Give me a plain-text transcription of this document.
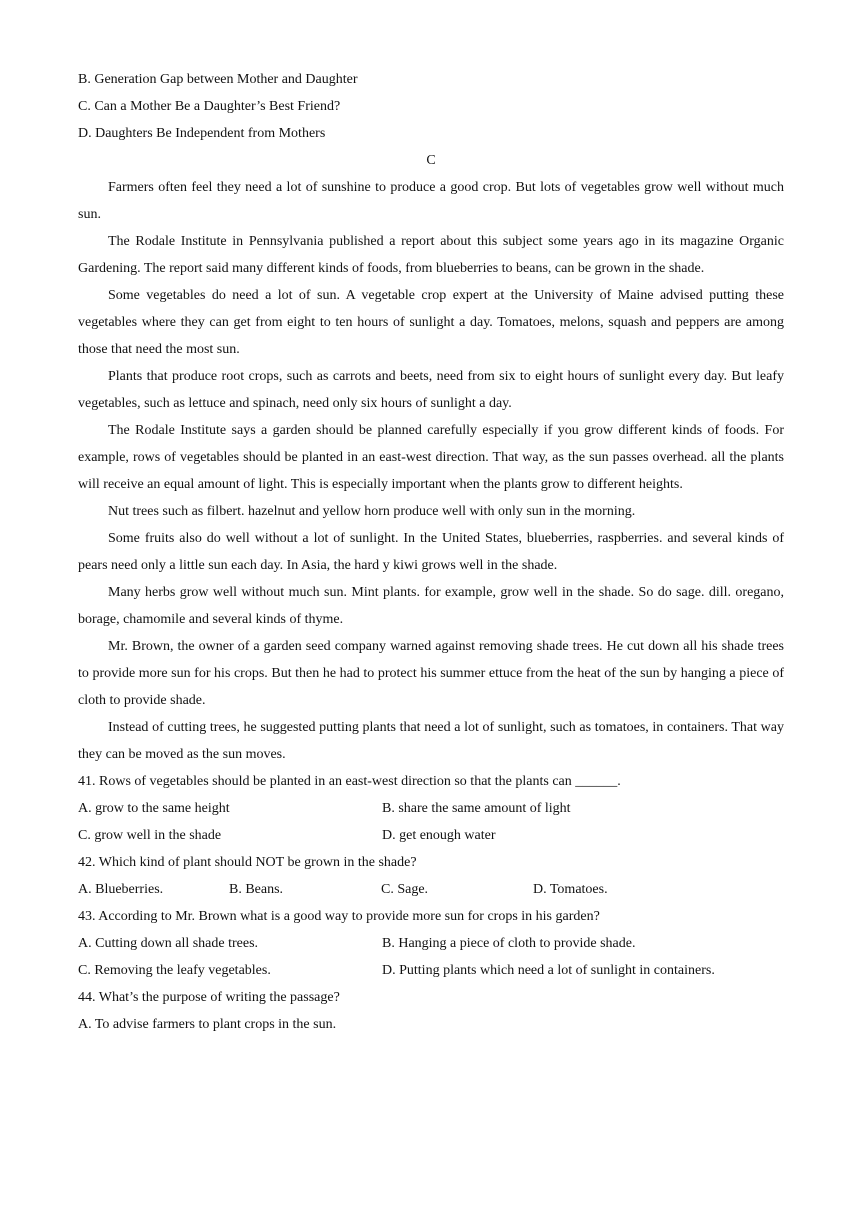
B. Generation Gap between Mother and Daughter
C. Can a Mother Be a Daughter’s Best Friend?
D. Daughters Be Independent from Mothers
C

Farmers often feel they need a lot of sunshine to produce a good crop. But lots of vegetables grow well without much sun.

The Rodale Institute in Pennsylvania published a report about this subject some years ago in its magazine Organic Gardening. The report said many different kinds of foods, from blueberries to beans, can be grown in the shade.

Some vegetables do need a lot of sun. A vegetable crop expert at the University of Maine advised putting these vegetables where they can get from eight to ten hours of sunlight a day. Tomatoes, melons, squash and peppers are among those that need the most sun.

Plants that produce root crops, such as carrots and beets, need from six to eight hours of sunlight every day. But leafy vegetables, such as lettuce and spinach, need only six hours of sunlight a day.

The Rodale Institute says a garden should be planned carefully especially if you grow different kinds of foods. For example, rows of vegetables should be planted in an east-west direction. That way, as the sun passes overhead. all the plants will receive an equal amount of light. This is especially important when the plants grow to different heights.

Nut trees such as filbert. hazelnut and yellow horn produce well with only sun in the morning.

Some fruits also do well without a lot of sunlight. In the United States, blueberries, raspberries. and several kinds of pears need only a little sun each day. In Asia, the hard y kiwi grows well in the shade.

Many herbs grow well without much sun. Mint plants. for example, grow well in the shade. So do sage. dill. oregano, borage, chamomile and several kinds of thyme.

Mr. Brown, the owner of a garden seed company warned against removing shade trees. He cut down all his shade trees to provide more sun for his crops. But then he had to protect his summer ettuce from the heat of the sun by hanging a piece of cloth to provide shade.

Instead of cutting trees, he suggested putting plants that need a lot of sunlight, such as tomatoes, in containers. That way they can be moved as the sun moves.

41. Rows of vegetables should be planted in an east-west direction so that the plants can ______.
A. grow to the same height	B. share the same amount of light
C. grow well in the shade	D. get enough water
42. Which kind of plant should NOT be grown in the shade?
A. Blueberries.	B. Beans.	C. Sage.	D. Tomatoes.
43. According to Mr. Brown what is a good way to provide more sun for crops in his garden?
A. Cutting down all shade trees.	B. Hanging a piece of cloth to provide shade.
C. Removing the leafy vegetables.	D. Putting plants which need a lot of sunlight in containers.
44. What’s the purpose of writing the passage?
A. To advise farmers to plant crops in the sun.
